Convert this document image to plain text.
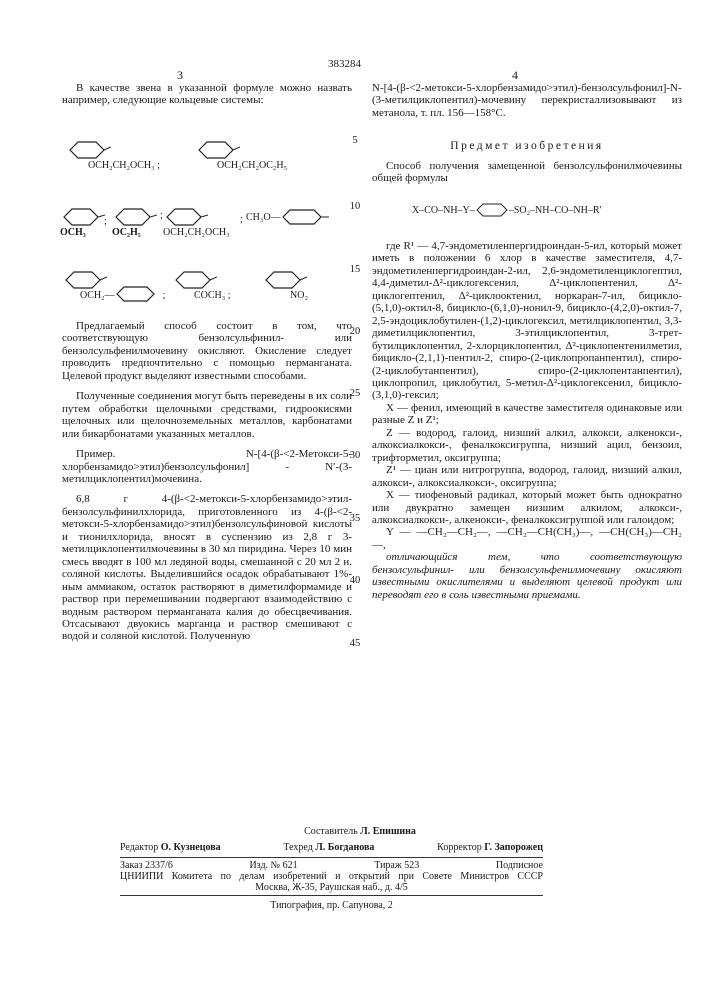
383284
3	4

В качестве звена в указанной формуле можно назвать например, следующие кольцевые системы:

OCH₂CH₂OCH₃ ;	OCH₂CH₂OC₂H₅
OCH₃
;
OC₂H₅
;
OCH₂CH₂OCH₃
; CH₃O—
OCH₂—	;	COCH₃ ;	NO₂

Предлагаемый способ состоит в том, что соответствующую бензолсульфинил- или бензолсульфенилмочевину окисляют. Окисление следует проводить предпочтительно с помощью перманганата. Целевой продукт выделяют известными способами.

Полученные соединения могут быть переведены в их соли путем обработки щелочными средствами, гидроокисями щелочных или щелочноземельных металлов, карбонатами или бикарбонатами указанных металлов.

Пример. N-[4-(β-<2-Метокси-5-хлорбензамидо>этил)бензолсульфонил] - N′-(3-метилциклопентил)мочевина.

6,8 г 4-(β-<2-метокси-5-хлорбензамидо>этил-бензолсульфинилхлорида, приготовленного из 4-(β-<2-метокси-5-хлорбензамидо>этил)бензолсульфиновой кислоты и тионилхлорида, вносят в суспензию из 2,8 г 3-метилциклопентилмочевины в 30 мл пиридина. Через 10 мин смесь вводят в 100 мл ледяной воды, смешанной с 20 мл 2 н. соляной кислоты. Выделившийся осадок обрабатывают 1%-ным аммиаком, остаток растворяют в диметилформамиде и раствор при перемешивании подвергают взаимодействию с водным раствором перманганата калия до обесцвечивания. Отсасывают двуокись марганца и раствор смешивают с водой и соляной кислотой. Полученную

5
10
15
20
25
30
35
40
45

N-[4-(β-<2-метокси-5-хлорбензамидо>этил)-бензолсульфонил]-N-(3-метилциклопентил)-мочевину перекристаллизовывают из метанола, т. пл. 156—158°С.

Предмет изобретения

Способ получения замещенной бензолсульфонилмочевины общей формулы

X–CO–NH–Y–	–SO₂–NH–CO–NH–R′

где R¹ — 4,7-эндометиленпергидроиндан-5-ил, который может иметь в положении 6 хлор в качестве заместителя, 4,7-эндометиленпергидроиндан-2-ил, 2,6-эндометиленциклогептил, 4,4-диметил-Δ²-циклогексенил, Δ²-циклопентенил, Δ²-циклогептенил, Δ²-циклооктенил, норкаран-7-ил, бицикло-(5,1,0)-октил-8, бицикло-(6,1,0)-нонил-9, бицикло-(4,2,0)-октил-7, 2,5-эндоциклобутилен-(1,2)-циклогексил, метилциклопентил, 3,3-диметилциклопентил, 3-этилциклопентил, 3-трет-бутилциклопентил, 2-хлорциклопентил, Δ²-циклопентенилметил, бицикло-(2,1,1)-пентил-2, спиро-(2-циклопропанпентил), спиро-(2-циклобутанпентил), спиро-(2-циклопентанпентил), циклопропил, циклобутил, 5-метил-Δ²-циклогексенил, бицикло-(3,1,0)-гексил;

X — фенил, имеющий в качестве заместителя одинаковые или разные Z и Z¹;

Z — водород, галоид, низший алкил, алкокси, алкенокси-, алкоксиалкокси-, феналкоксигруппа, низший ацил, бензоил, трифторметил, оксигруппа;

Z¹ — циан или нитрогруппа, водород, галоид, низший алкил, алкокси-, алкоксиалкокси-, оксигруппа;

X — тиофеновый радикал, который может быть однократно или двукратно замещен низшим алкилом, алкокси-, алкоксиалкокси-, алкенокси-, феналкоксигруппой или галоидом;

Y — —CH₂—CH₂—, —CH₂—CH(CH₃)—, —CH(CH₃)—CH₂—,

отличающийся тем, что соответствующую бензолсульфинил- или бензолсульфенилмочевину окисляют известными окислителями и выделяют целевой продукт или переводят его в соль известными приемами.

Составитель Л. Епишина
Редактор О. Кузнецова	Техред Л. Богданова	Корректор Г. Запорожец
Заказ 2337/6	Изд. № 621	Тираж 523	Подписное
ЦНИИПИ Комитета по делам изобретений и открытий при Совете Министров СССР
Москва, Ж-35, Раушская наб., д. 4/5
Типография, пр. Сапунова, 2
